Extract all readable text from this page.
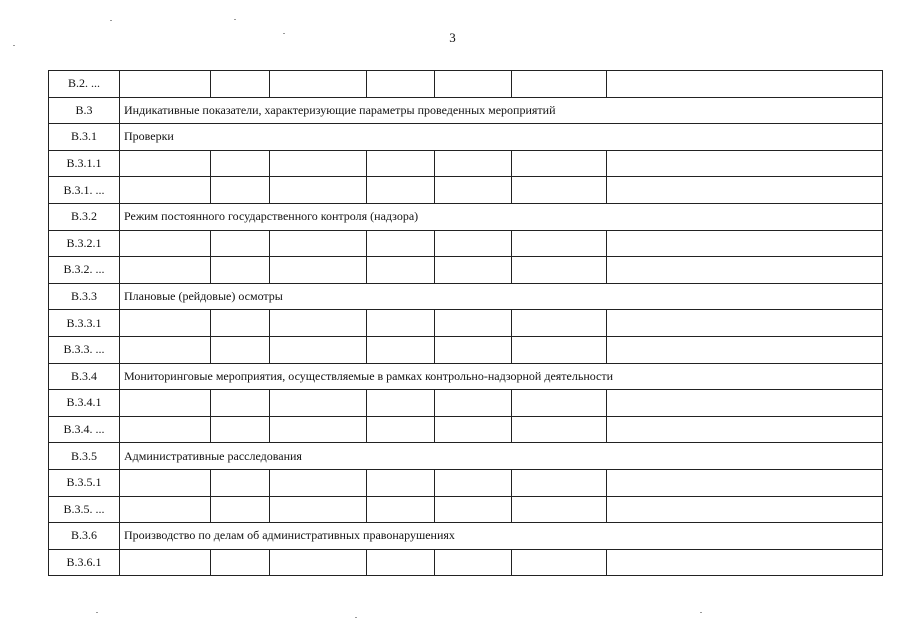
3
В.2. ...							
В.3	Индикативные показатели, характеризующие параметры проведенных мероприятий						
В.3.1	Проверки						
В.3.1.1							
В.3.1. ...							
В.3.2	Режим постоянного государственного контроля (надзора)						
В.3.2.1							
В.3.2. ...							
В.3.3	Плановые (рейдовые) осмотры						
В.3.3.1							
В.3.3. ...							
В.3.4	Мониторинговые мероприятия, осуществляемые в рамках контрольно-надзорной деятельности						
В.3.4.1							
В.3.4. ...							
В.3.5	Административные расследования						
В.3.5.1							
В.3.5. ...							
В.3.6	Производство по делам об административных правонарушениях						
В.3.6.1							
